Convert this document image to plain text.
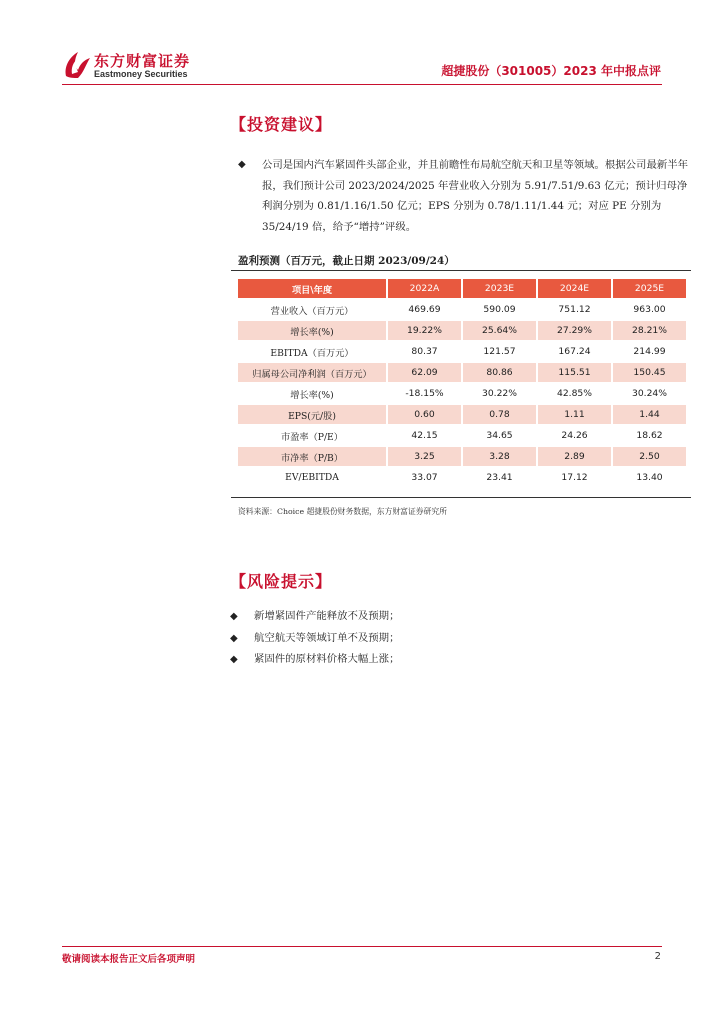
东方财富证券
Eastmoney Securities	超捷股份（301005）2023 年中报点评
【投资建议】
◆	公司是国内汽车紧固件头部企业，并且前瞻性布局航空航天和卫星等领域。根据公司最新半年报，我们预计公司 2023/2024/2025 年营业收入分别为 5.91/7.51/9.63 亿元；预计归母净利润分别为 0.81/1.16/1.50 亿元；EPS 分别为 0.78/1.11/1.44 元；对应 PE 分别为 35/24/19 倍，给予“增持”评级。
盈利预测（百万元，截止日期 2023/09/24）
项目\年度	2022A	2023E	2024E	2025E
营业收入（百万元）	469.69	590.09	751.12	963.00
增长率(%)	19.22%	25.64%	27.29%	28.21%
EBITDA（百万元）	80.37	121.57	167.24	214.99
归属母公司净利润（百万元）	62.09	80.86	115.51	150.45
增长率(%)	-18.15%	30.22%	42.85%	30.24%
EPS(元/股)	0.60	0.78	1.11	1.44
市盈率（P/E）	42.15	34.65	24.26	18.62
市净率（P/B）	3.25	3.28	2.89	2.50
EV/EBITDA	33.07	23.41	17.12	13.40
资料来源：Choice 超捷股份财务数据，东方财富证券研究所
【风险提示】
◆ 新增紧固件产能释放不及预期；
◆ 航空航天等领域订单不及预期；
◆ 紧固件的原材料价格大幅上涨；
敬请阅读本报告正文后各项声明	2
